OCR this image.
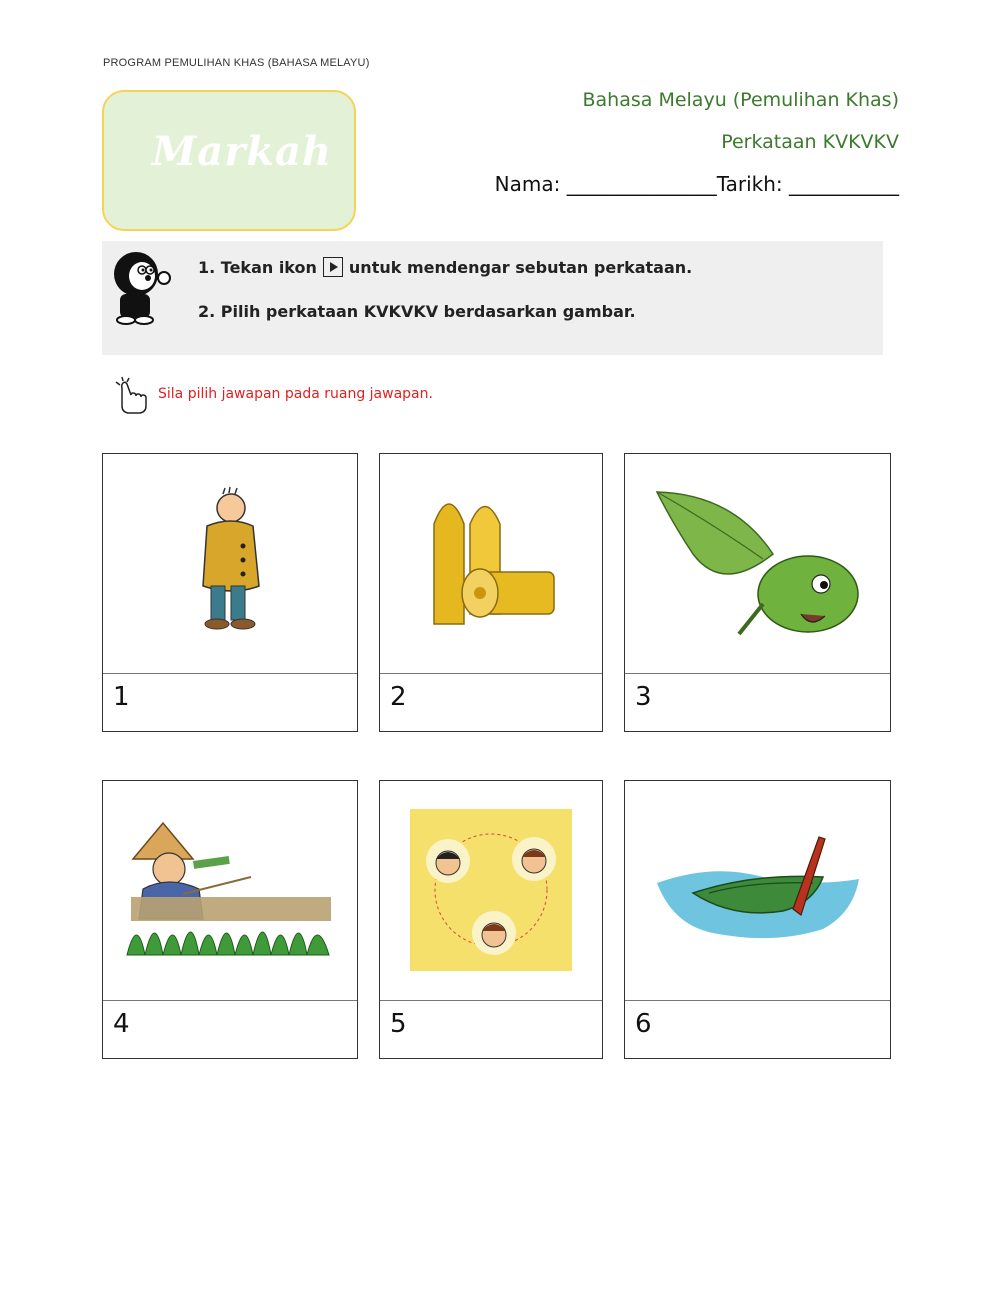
PROGRAM PEMULIHAN KHAS (BAHASA MELAYU)
Markah
Bahasa Melayu (Pemulihan Khas)
Perkataan KVKVKV
Nama: _______________Tarikh: ___________
1. Tekan ikon untuk mendengar sebutan perkataan.
2. Pilih perkataan KVKVKV berdasarkan gambar.
Sila pilih jawapan pada ruang jawapan.
1	2	3
4	5	6
